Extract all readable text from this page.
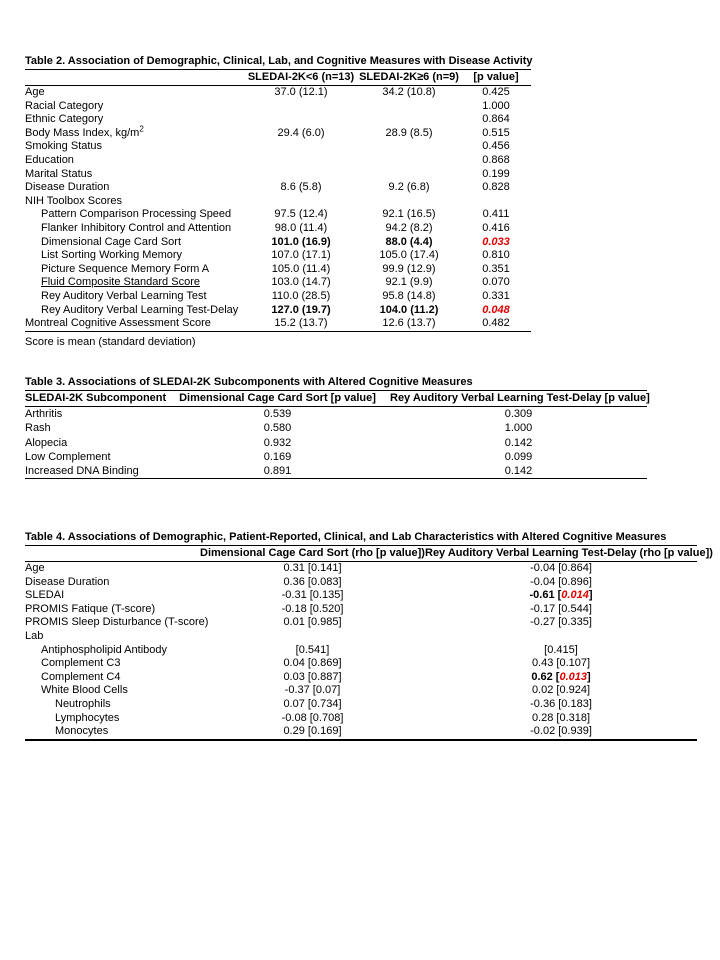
Table 2. Association of Demographic, Clinical, Lab, and Cognitive Measures with Disease Activity
	SLEDAI-2K<6 (n=13)	SLEDAI-2K≥6 (n=9)	[p value]
Age	37.0 (12.1)	34.2 (10.8)	0.425
Racial Category			1.000
Ethnic Category			0.864
Body Mass Index, $kg/m^2$	29.4 (6.0)	28.9 (8.5)	0.515
Smoking Status			0.456
Education			0.868
Marital Status			0.199
Disease Duration	8.6 (5.8)	9.2 (6.8)	0.828
NIH Toolbox Scores			
Pattern Comparison Processing Speed	97.5 (12.4)	92.1 (16.5)	0.411
Flanker Inhibitory Control and Attention	98.0 (11.4)	94.2 (8.2)	0.416
Dimensional Cage Card Sort	101.0 (16.9)	88.0 (4.4)	0.033
List Sorting Working Memory	107.0 (17.1)	105.0 (17.4)	0.810
Picture Sequence Memory Form A	105.0 (11.4)	99.9 (12.9)	0.351
Fluid Composite Standard Score	103.0 (14.7)	92.1 (9.9)	0.070
Rey Auditory Verbal Learning Test	110.0 (28.5)	95.8 (14.8)	0.331
Rey Auditory Verbal Learning Test-Delay	127.0 (19.7)	104.0 (11.2)	0.048
Montreal Cognitive Assessment Score	15.2 (13.7)	12.6 (13.7)	0.482
Score is mean (standard deviation)
Table 3. Associations of SLEDAI-2K Subcomponents with Altered Cognitive Measures
SLEDAI-2K Subcomponent	Dimensional Cage Card Sort [p value]	Rey Auditory Verbal Learning Test-Delay [p value]
Arthritis	0.539	0.309
Rash	0.580	1.000
Alopecia	0.932	0.142
Low Complement	0.169	0.099
Increased DNA Binding	0.891	0.142
Table 4. Associations of Demographic, Patient-Reported, Clinical, and Lab Characteristics with Altered Cognitive Measures
	Dimensional Cage Card Sort (rho [p value])	Rey Auditory Verbal Learning Test-Delay (rho [p value])
Age	0.31 [0.141]	-0.04 [0.864]
Disease Duration	0.36 [0.083]	-0.04 [0.896]
SLEDAI	-0.31 [0.135]	-0.61 [0.014]
PROMIS Fatique (T-score)	-0.18 [0.520]	-0.17 [0.544]
PROMIS Sleep Disturbance (T-score)	0.01 [0.985]	-0.27 [0.335]
Lab		
Antiphospholipid Antibody	[0.541]	[0.415]
Complement C3	0.04 [0.869]	0.43 [0.107]
Complement C4	0.03 [0.887]	0.62 [0.013]
White Blood Cells	-0.37 [0.07]	0.02 [0.924]
Neutrophils	0.07 [0.734]	-0.36 [0.183]
Lymphocytes	-0.08 [0.708]	0.28 [0.318]
Monocytes	0.29 [0.169]	-0.02 [0.939]
